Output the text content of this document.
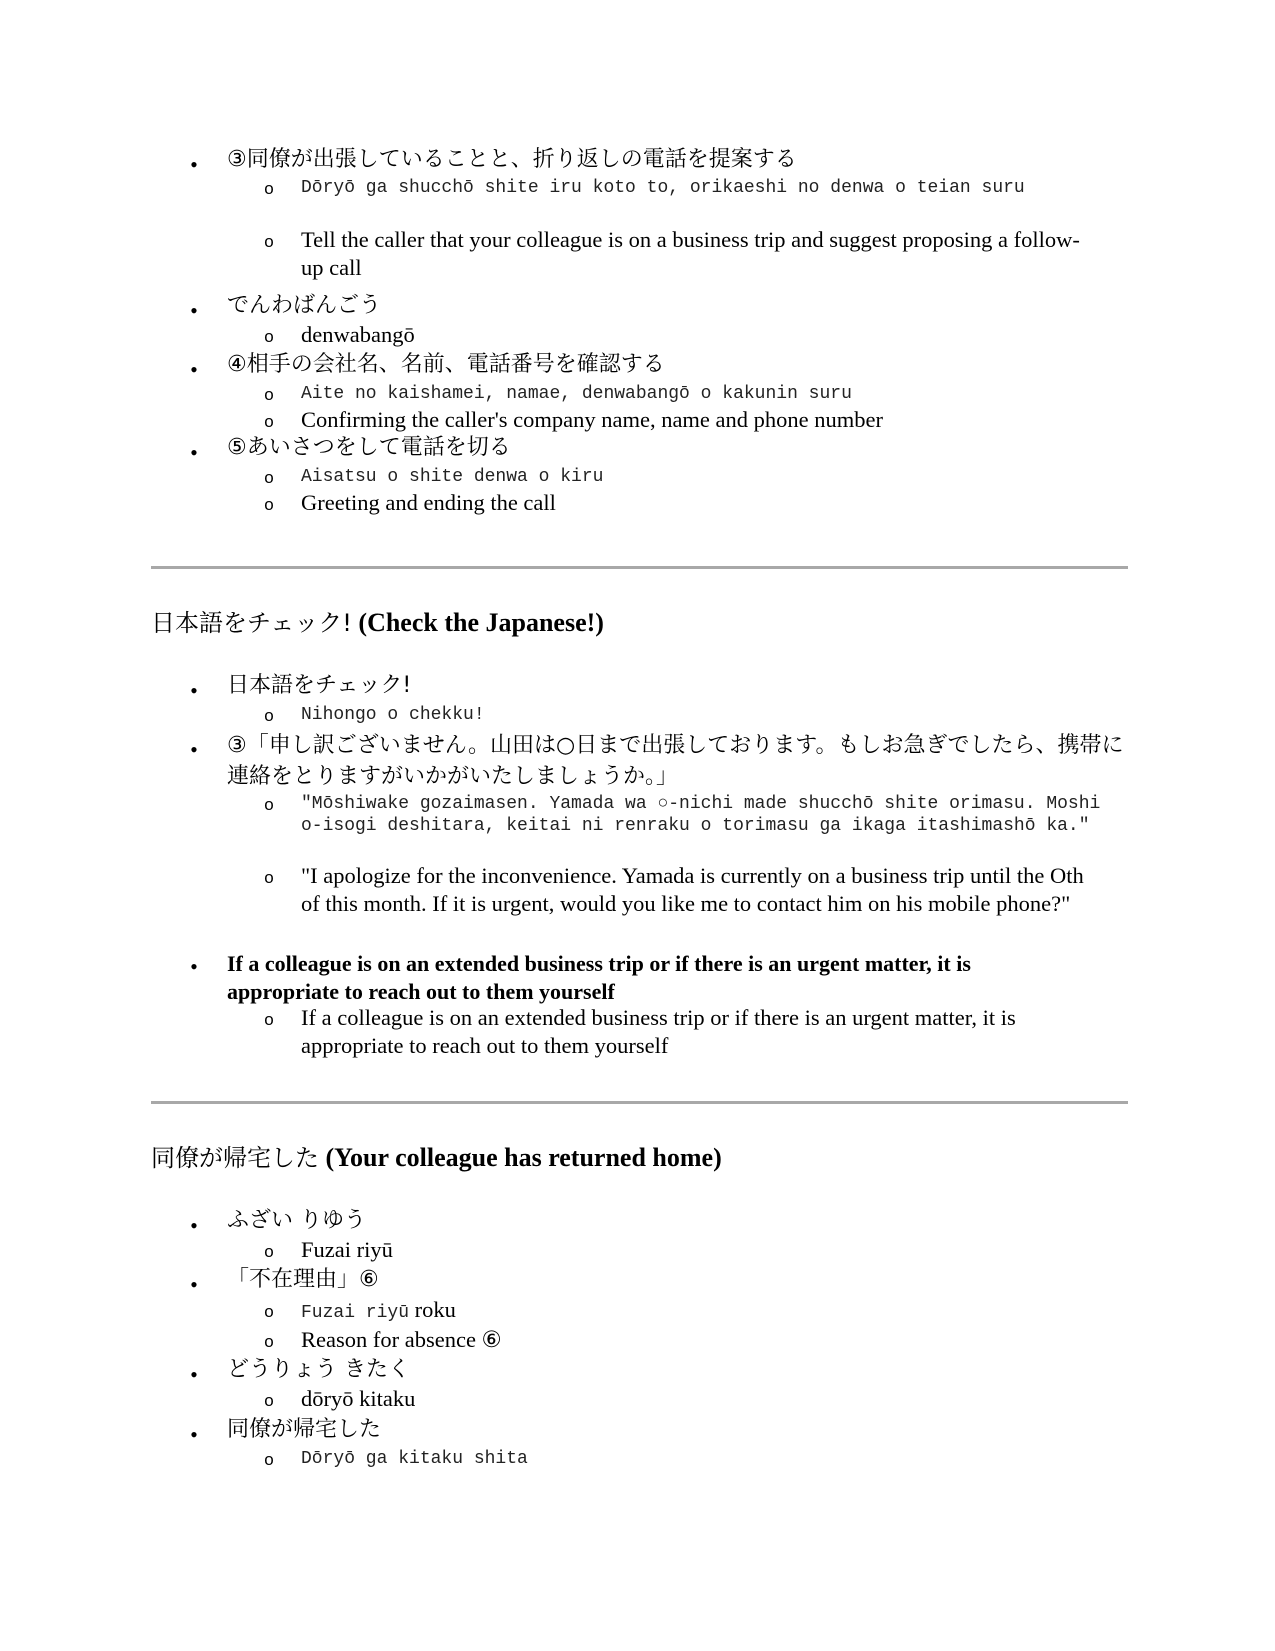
• ③同僚が出張していることと、折り返しの電話を提案する
o Dōryō ga shucchō shite iru koto to, orikaeshi no denwa o teian suru
o Tell the caller that your colleague is on a business trip and suggest proposing a follow-up call
• でんわばんごう
o denwabangō
• ④相手の会社名、名前、電話番号を確認する
o Aite no kaishamei, namae, denwabangō o kakunin suru
o Confirming the caller's company name, name and phone number
• ⑤あいさつをして電話を切る
o Aisatsu o shite denwa o kiru
o Greeting and ending the call
日本語をチェック! (Check the Japanese!)
• 日本語をチェック!
o Nihongo o chekku!
• ③「申し訳ございません。山田は○日まで出張しております。もしお急ぎでしたら、携帯に連絡をとりますがいかがいたしましょうか。」
o "Mōshiwake gozaimasen. Yamada wa ○-nichi made shucchō shite orimasu. Moshi o-isogi deshitara, keitai ni renraku o torimasu ga ikaga itashimashō ka."
o "I apologize for the inconvenience. Yamada is currently on a business trip until the Oth of this month. If it is urgent, would you like me to contact him on his mobile phone?"
• If a colleague is on an extended business trip or if there is an urgent matter, it is appropriate to reach out to them yourself
o If a colleague is on an extended business trip or if there is an urgent matter, it is appropriate to reach out to them yourself
同僚が帰宅した (Your colleague has returned home)
• ふざい りゆう
o Fuzai riyū
• 「不在理由」⑥
o Fuzai riyū roku
o Reason for absence ⑥
• どうりょう きたく
o dōryō kitaku
• 同僚が帰宅した
o Dōryō ga kitaku shita
